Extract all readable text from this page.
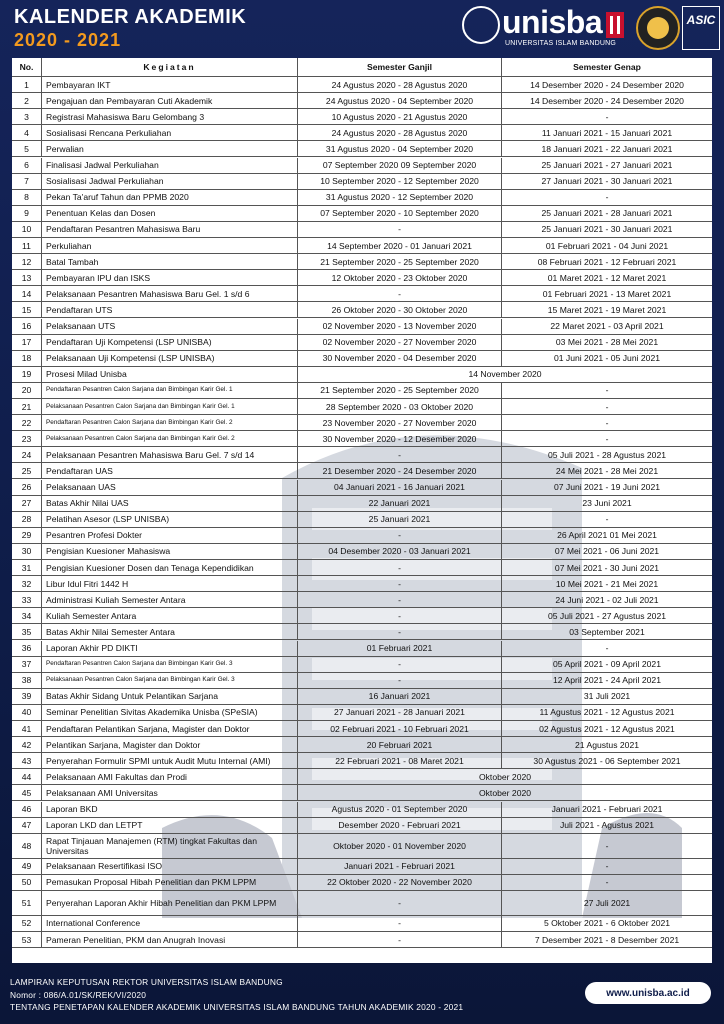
KALENDER AKADEMIK
2020 - 2021	unisba
UNIVERSITAS ISLAM BANDUNG
ASIC
No.	Kegiatan	Semester Ganjil	Semester Genap
1	Pembayaran IKT	24 Agustus 2020 - 28 Agustus 2020	14 Desember 2020 - 24 Desember 2020
2	Pengajuan dan Pembayaran Cuti Akademik	24 Agustus 2020 - 04 September 2020	14 Desember 2020 - 24 Desember 2020
3	Registrasi Mahasiswa Baru Gelombang 3	10 Agustus 2020 - 21 Agustus 2020	-
4	Sosialisasi Rencana Perkuliahan	24 Agustus 2020 - 28 Agustus 2020	11 Januari 2021 - 15 Januari 2021
5	Perwalian	31 Agustus 2020 - 04 September 2020	18 Januari 2021 - 22 Januari 2021
6	Finalisasi Jadwal Perkuliahan	07 September 2020 09 September 2020	25 Januari 2021 - 27 Januari 2021
7	Sosialisasi Jadwal Perkuliahan	10 September 2020 - 12 September 2020	27 Januari 2021 - 30 Januari 2021
8	Pekan Ta'aruf Tahun dan PPMB 2020	31 Agustus 2020 - 12 September 2020	-
9	Penentuan Kelas dan Dosen	07 September 2020 - 10 September 2020	25 Januari 2021 - 28 Januari 2021
10	Pendaftaran Pesantren Mahasiswa Baru	-	25 Januari 2021 - 30 Januari 2021
11	Perkuliahan	14 September 2020 - 01 Januari 2021	01 Februari 2021 - 04 Juni 2021
12	Batal Tambah	21 September 2020 - 25 September 2020	08 Februari 2021 - 12 Februari 2021
13	Pembayaran IPU dan ISKS	12 Oktober 2020 - 23 Oktober 2020	01 Maret 2021 - 12 Maret 2021
14	Pelaksanaan Pesantren Mahasiswa Baru Gel. 1 s/d 6	-	01 Februari 2021 - 13 Maret 2021
15	Pendaftaran UTS	26 Oktober 2020 - 30 Oktober 2020	15 Maret 2021 - 19 Maret 2021
16	Pelaksanaan UTS	02 November 2020 - 13 November 2020	22 Maret 2021 - 03 April 2021
17	Pendaftaran Uji Kompetensi (LSP UNISBA)	02 November 2020 - 27 November 2020	03 Mei 2021 - 28 Mei 2021
18	Pelaksanaan Uji Kompetensi (LSP UNISBA)	30 November 2020 - 04 Desember 2020	01 Juni 2021 - 05 Juni 2021
19	Prosesi Milad Unisba	14 November 2020
20	Pendaftaran Pesantren Calon Sarjana dan Bimbingan Karir Gel. 1	21 September 2020 - 25 September 2020	-
21	Pelaksanaan Pesantren Calon Sarjana dan Bimbingan Karir Gel. 1	28 September 2020 - 03 Oktober 2020	-
22	Pendaftaran Pesantren Calon Sarjana dan Bimbingan Karir Gel. 2	23 November 2020 - 27 November 2020	-
23	Pelaksanaan Pesantren Calon Sarjana dan Bimbingan Karir Gel. 2	30 November 2020 - 12 Desember 2020	-
24	Pelaksanaan Pesantren Mahasiswa Baru Gel. 7 s/d 14	-	05 Juli 2021 - 28 Agustus 2021
25	Pendaftaran UAS	21 Desember 2020 - 24 Desember 2020	24 Mei 2021 - 28 Mei 2021
26	Pelaksanaan UAS	04 Januari 2021 - 16 Januari 2021	07 Juni 2021 - 19 Juni 2021
27	Batas Akhir Nilai UAS	22 Januari 2021	23 Juni 2021
28	Pelatihan Asesor (LSP UNISBA)	25 Januari 2021	-
29	Pesantren Profesi Dokter	-	26 April 2021 01 Mei 2021
30	Pengisian Kuesioner Mahasiswa	04 Desember 2020 - 03 Januari 2021	07 Mei 2021 - 06 Juni 2021
31	Pengisian Kuesioner Dosen dan Tenaga Kependidikan	-	07 Mei 2021 - 30 Juni 2021
32	Libur Idul Fitri 1442 H	-	10 Mei 2021 - 21 Mei 2021
33	Administrasi Kuliah Semester Antara	-	24 Juni 2021 - 02 Juli 2021
34	Kuliah Semester Antara	-	05 Juli 2021 - 27 Agustus 2021
35	Batas Akhir Nilai Semester Antara	-	03 September 2021
36	Laporan Akhir PD DIKTI	01 Februari 2021	-
37	Pendaftaran Pesantren Calon Sarjana dan Bimbingan Karir Gel. 3	-	05 April 2021 - 09 April 2021
38	Pelaksanaan Pesantren Calon Sarjana dan Bimbingan Karir Gel. 3	-	12 April 2021 - 24 April 2021
39	Batas Akhir Sidang Untuk Pelantikan Sarjana	16 Januari 2021	31 Juli 2021
40	Seminar Penelitian Sivitas Akademika Unisba (SPeSIA)	27 Januari 2021 - 28 Januari 2021	11 Agustus 2021 - 12 Agustus 2021
41	Pendaftaran Pelantikan Sarjana, Magister dan Doktor	02 Februari 2021 - 10 Februari 2021	02 Agustus 2021 - 12 Agustus 2021
42	Pelantikan Sarjana, Magister dan Doktor	20 Februari 2021	21 Agustus 2021
43	Penyerahan Formulir SPMI untuk Audit Mutu Internal (AMI)	22 Februari 2021 - 08 Maret 2021	30 Agustus 2021 - 06 September 2021
44	Pelaksanaan AMI Fakultas dan Prodi	Oktober 2020
45	Pelaksanaan AMI Universitas	Oktober 2020
46	Laporan BKD	Agustus 2020 - 01 September 2020	Januari 2021 - Februari 2021
47	Laporan LKD dan LETPT	Desember 2020 - Februari 2021	Juli 2021 - Agustus 2021
48	Rapat Tinjauan Manajemen (RTM) tingkat Fakultas dan Universitas	Oktober 2020 - 01 November 2020	-
49	Pelaksanaan Resertifikasi ISO	Januari 2021 - Februari 2021	-
50	Pemasukan Proposal Hibah Penelitian dan PKM LPPM	22 Oktober 2020 - 22 November 2020	-
51	Penyerahan Laporan Akhir Hibah Penelitian dan PKM LPPM	-	27 Juli 2021
52	International Conference	-	5 Oktober 2021 - 6 Oktober 2021
53	Pameran Penelitian, PKM dan Anugrah Inovasi	-	7 Desember 2021 - 8 Desember 2021
LAMPIRAN KEPUTUSAN REKTOR UNIVERSITAS ISLAM BANDUNG
Nomor : 086/A.01/SK/REK/VI/2020
TENTANG PENETAPAN KALENDER AKADEMIK UNIVERSITAS ISLAM BANDUNG TAHUN AKADEMIK 2020 - 2021
www.unisba.ac.id
